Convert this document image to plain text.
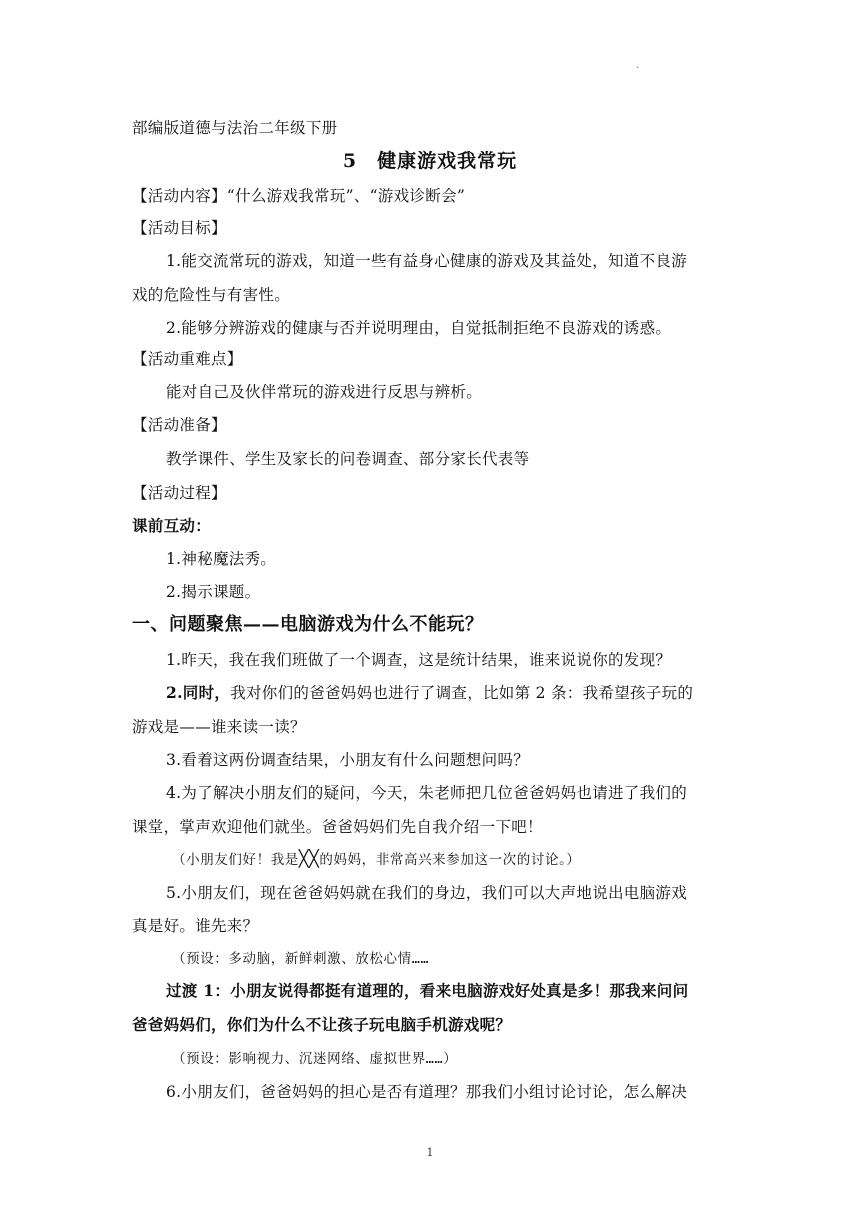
.
部编版道德与法治二年级下册
5　健康游戏我常玩
【活动内容】“什么游戏我常玩”、“游戏诊断会”
【活动目标】
1.能交流常玩的游戏，知道一些有益身心健康的游戏及其益处，知道不良游
戏的危险性与有害性。
2.能够分辨游戏的健康与否并说明理由，自觉抵制拒绝不良游戏的诱惑。
【活动重难点】
能对自己及伙伴常玩的游戏进行反思与辨析。
【活动准备】
教学课件、学生及家长的问卷调查、部分家长代表等
【活动过程】
课前互动：
1.神秘魔法秀。
2.揭示课题。
一、问题聚焦——电脑游戏为什么不能玩？
1.昨天，我在我们班做了一个调查，这是统计结果，谁来说说你的发现？
2.同时，我对你们的爸爸妈妈也进行了调查，比如第 2 条：我希望孩子玩的
游戏是——谁来读一读？
3.看着这两份调查结果，小朋友有什么问题想问吗？
4.为了解决小朋友们的疑问，今天，朱老师把几位爸爸妈妈也请进了我们的
课堂，掌声欢迎他们就坐。爸爸妈妈们先自我介绍一下吧！
（小朋友们好！我是╳╳的妈妈，非常高兴来参加这一次的讨论。）
5.小朋友们，现在爸爸妈妈就在我们的身边，我们可以大声地说出电脑游戏
真是好。谁先来？
（预设：多动脑，新鲜刺激、放松心情……
过渡 1：小朋友说得都挺有道理的，看来电脑游戏好处真是多！那我来问问
爸爸妈妈们，你们为什么不让孩子玩电脑手机游戏呢？
（预设：影响视力、沉迷网络、虚拟世界……）
6.小朋友们，爸爸妈妈的担心是否有道理？那我们小组讨论讨论，怎么解决
1
